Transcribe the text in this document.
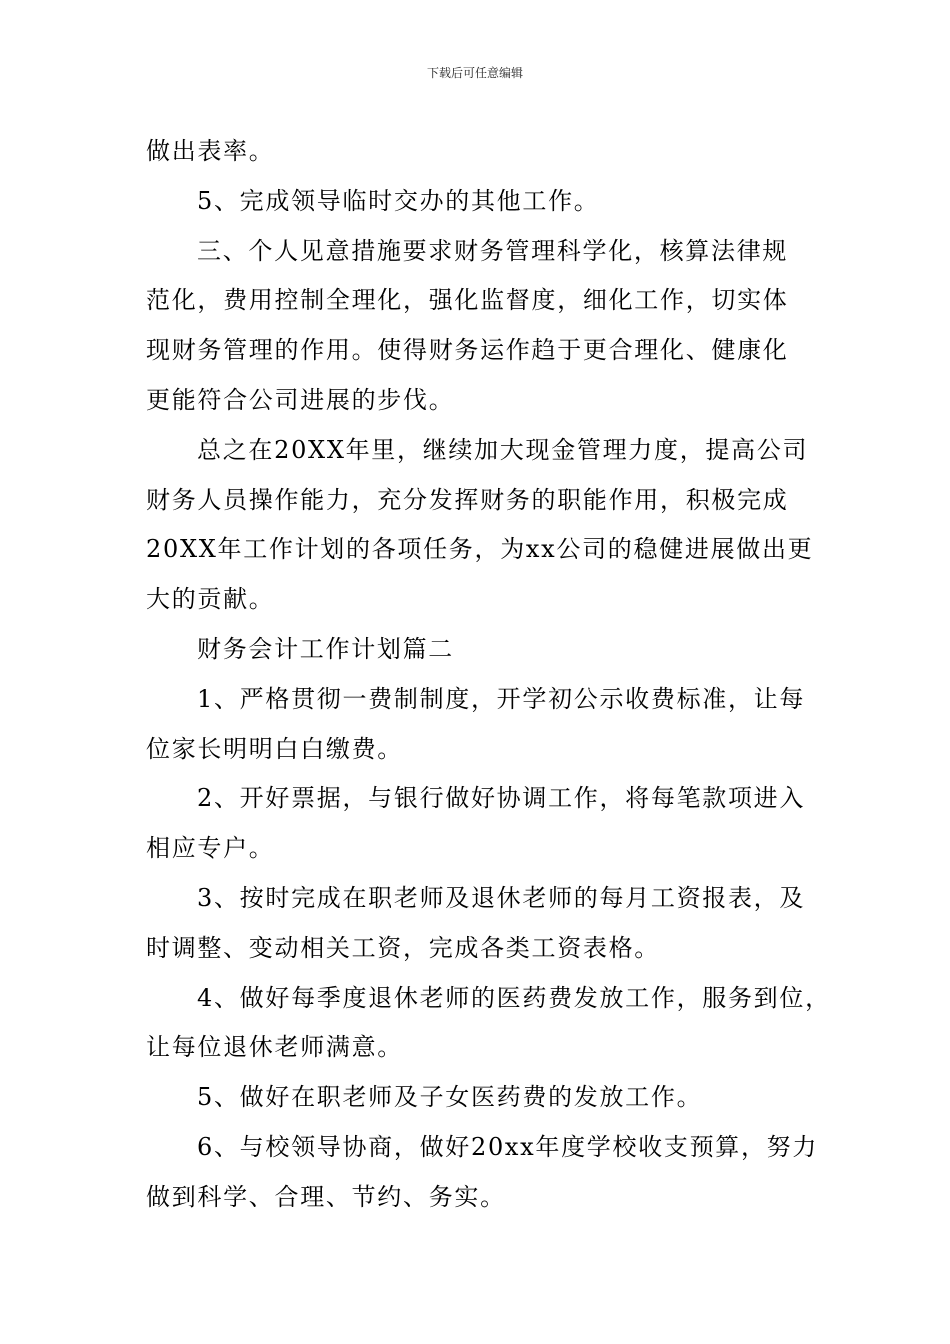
下载后可任意编辑

做出表率。

5、完成领导临时交办的其他工作。

三、个人见意措施要求财务管理科学化，核算法律规
范化，费用控制全理化，强化监督度，细化工作，切实体
现财务管理的作用。使得财务运作趋于更合理化、健康化
更能符合公司进展的步伐。

总之在20XX年里，继续加大现金管理力度，提高公司
财务人员操作能力，充分发挥财务的职能作用，积极完成
20XX年工作计划的各项任务，为xx公司的稳健进展做出更
大的贡献。

财务会计工作计划篇二

1、严格贯彻一费制制度，开学初公示收费标准，让每
位家长明明白白缴费。

2、开好票据，与银行做好协调工作，将每笔款项进入
相应专户。

3、按时完成在职老师及退休老师的每月工资报表，及
时调整、变动相关工资，完成各类工资表格。

4、做好每季度退休老师的医药费发放工作，服务到位，
让每位退休老师满意。

5、做好在职老师及子女医药费的发放工作。

6、与校领导协商，做好20xx年度学校收支预算，努力
做到科学、合理、节约、务实。
